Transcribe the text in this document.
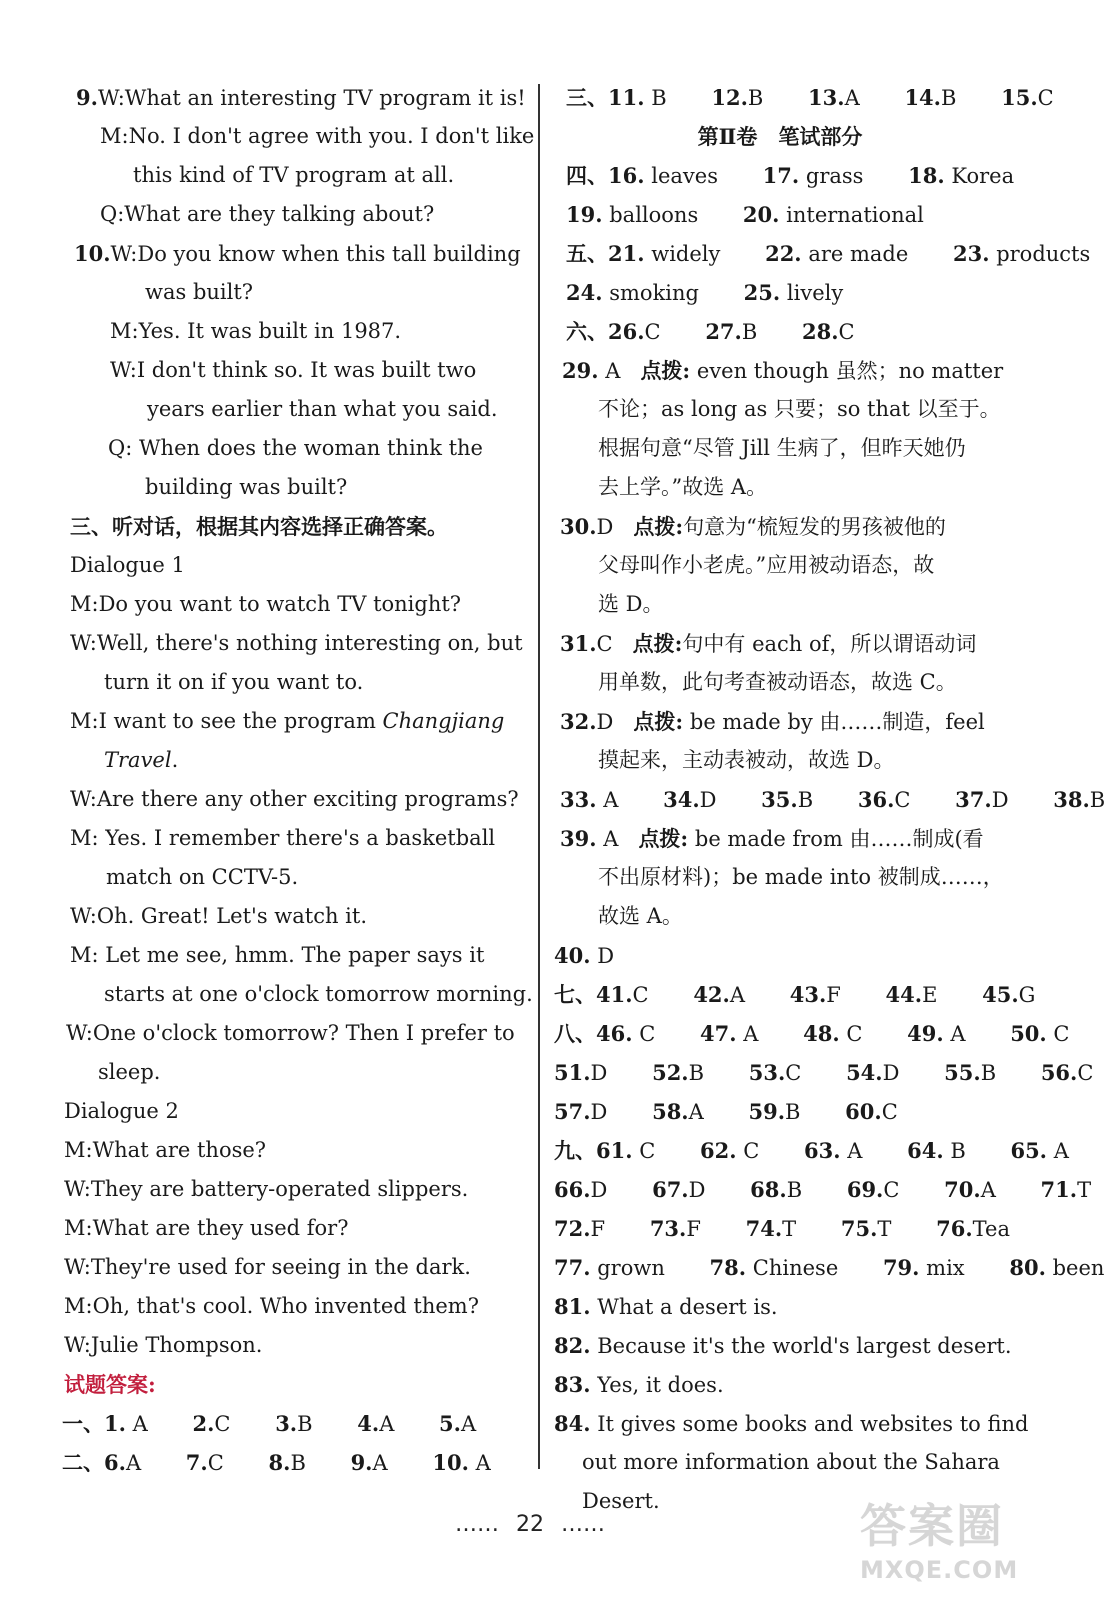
9.W:What an interesting TV program it is!
M:No. I don't agree with you. I don't like
this kind of TV program at all.
Q:What are they talking about?
10.W:Do you know when this tall building
was built?
M:Yes. It was built in 1987.
W:I don't think so. It was built two
years earlier than what you said.
Q: When does the woman think the
building was built?
三、听对话，根据其内容选择正确答案。
Dialogue 1
M:Do you want to watch TV tonight?
W:Well, there's nothing interesting on, but
turn it on if you want to.
M:I want to see the program Changjiang
Travel.
W:Are there any other exciting programs?
M: Yes. I remember there's a basketball
match on CCTV-5.
W:Oh. Great! Let's watch it.
M: Let me see, hmm. The paper says it
starts at one o'clock tomorrow morning.
W:One o'clock tomorrow? Then I prefer to
sleep.
Dialogue 2
M:What are those?
W:They are battery-operated slippers.
M:What are they used for?
W:They're used for seeing in the dark.
M:Oh, that's cool. Who invented them?
W:Julie Thompson.
试题答案:
一、1. A 2.C 3.B 4.A 5.A
二、6.A 7.C 8.B 9.A 10. A
三、11. B 12.B 13.A 14.B 15.C
第Ⅱ卷　笔试部分
四、16. leaves 17. grass 18. Korea
19. balloons 20. international
五、21. widely 22. are made 23. products
24. smoking 25. lively
六、26.C 27.B 28.C
29. A 点拨: even though 虽然；no matter
不论；as long as 只要；so that 以至于。
根据句意“尽管 Jill 生病了，但昨天她仍
去上学。”故选 A。
30.D 点拨:句意为“梳短发的男孩被他的
父母叫作小老虎。”应用被动语态，故
选 D。
31.C 点拨:句中有 each of，所以谓语动词
用单数，此句考查被动语态，故选 C。
32.D 点拨: be made by 由……制造，feel
摸起来，主动表被动，故选 D。
33. A 34.D 35.B 36.C 37.D 38.B
39. A 点拨: be made from 由……制成(看
不出原材料)；be made into 被制成……，
故选 A。
40. D
七、41.C 42.A 43.F 44.E 45.G
八、46. C 47. A 48. C 49. A 50. C
51.D 52.B 53.C 54.D 55.B 56.C
57.D 58.A 59.B 60.C
九、61. C 62. C 63. A 64. B 65. A
66.D 67.D 68.B 69.C 70.A 71.T
72.F 73.F 74.T 75.T 76.Tea
77. grown 78. Chinese 79. mix 80. been
81. What a desert is.
82. Because it's the world's largest desert.
83. Yes, it does.
84. It gives some books and websites to find
out more information about the Sahara
Desert.
…… 22 ……	答案圈
MXQE.COM
